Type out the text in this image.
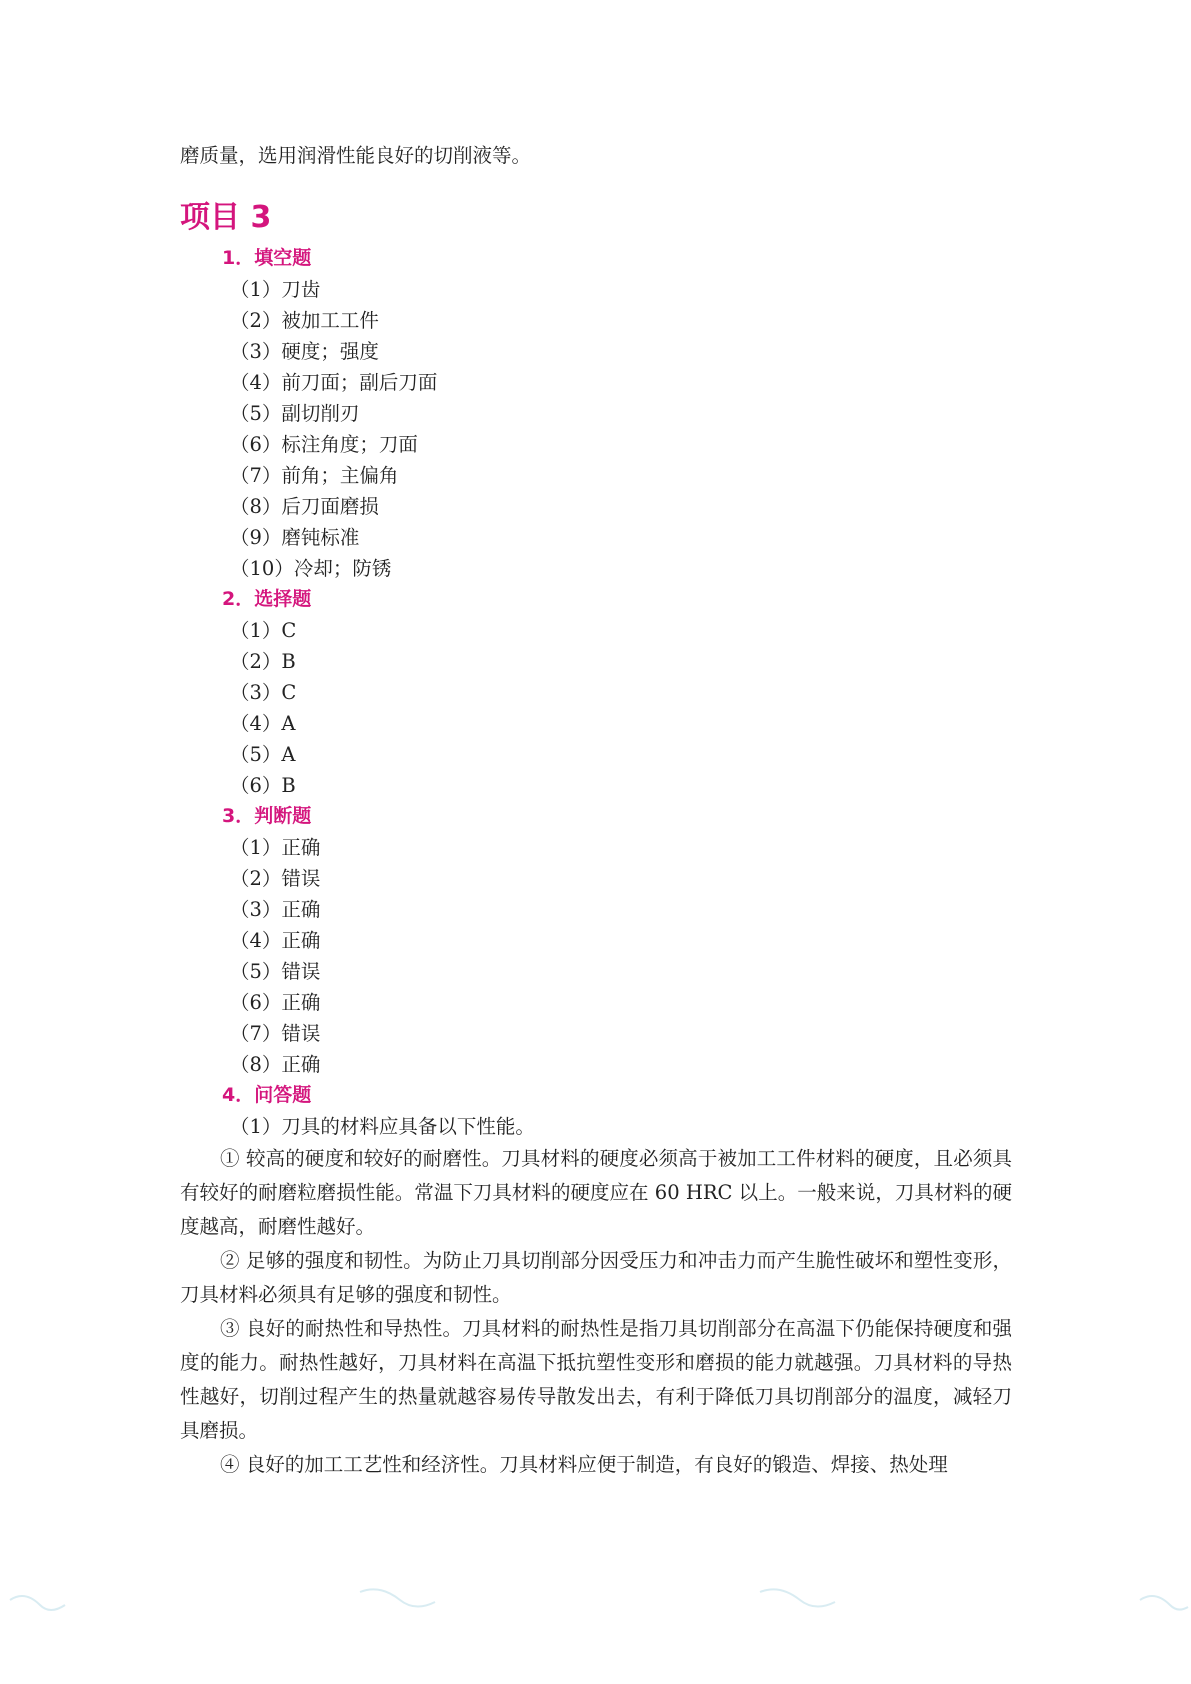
磨质量，选用润滑性能良好的切削液等。
项目 3
1．填空题
（1）刀齿
（2）被加工工件
（3）硬度；强度
（4）前刀面；副后刀面
（5）副切削刃
（6）标注角度；刀面
（7）前角；主偏角
（8）后刀面磨损
（9）磨钝标准
（10）冷却；防锈
2．选择题
（1）C
（2）B
（3）C
（4）A
（5）A
（6）B
3．判断题
（1）正确
（2）错误
（3）正确
（4）正确
（5）错误
（6）正确
（7）错误
（8）正确
4．问答题
（1）刀具的材料应具备以下性能。

① 较高的硬度和较好的耐磨性。刀具材料的硬度必须高于被加工工件材料的硬度，且必须具有较好的耐磨粒磨损性能。常温下刀具材料的硬度应在 60 HRC 以上。一般来说，刀具材料的硬度越高，耐磨性越好。

② 足够的强度和韧性。为防止刀具切削部分因受压力和冲击力而产生脆性破坏和塑性变形，刀具材料必须具有足够的强度和韧性。

③ 良好的耐热性和导热性。刀具材料的耐热性是指刀具切削部分在高温下仍能保持硬度和强度的能力。耐热性越好，刀具材料在高温下抵抗塑性变形和磨损的能力就越强。刀具材料的导热性越好，切削过程产生的热量就越容易传导散发出去，有利于降低刀具切削部分的温度，减轻刀具磨损。

④ 良好的加工工艺性和经济性。刀具材料应便于制造，有良好的锻造、焊接、热处理
